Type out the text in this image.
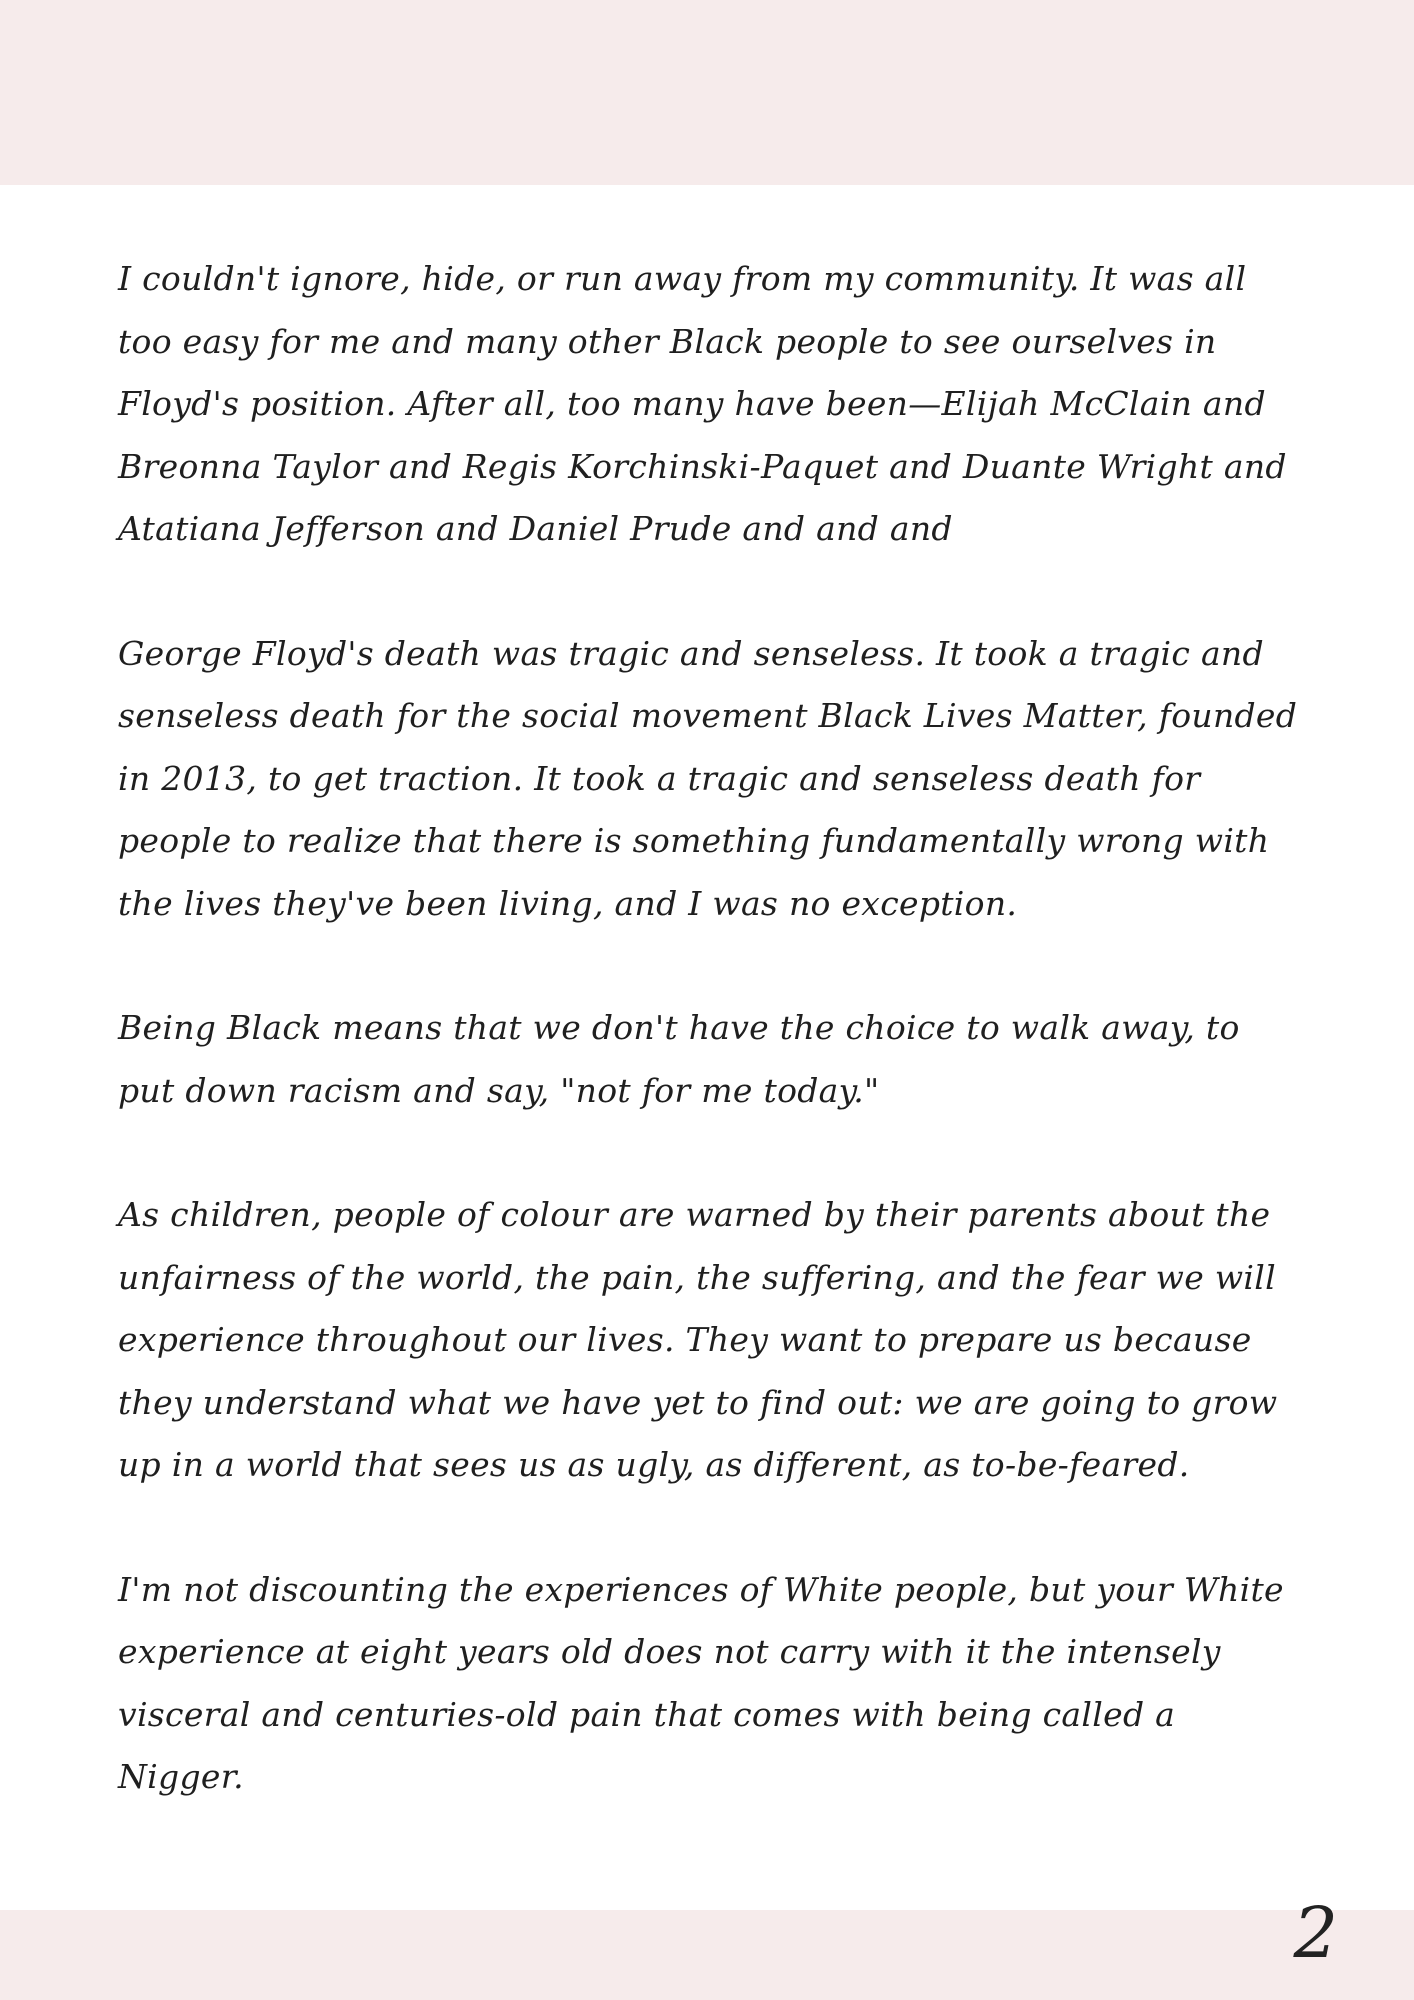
I couldn't ignore, hide, or run away from my community. It was all too easy for me and many other Black people to see ourselves in Floyd's position. After all, too many have been—Elijah McClain and Breonna Taylor and Regis Korchinski-Paquet and Duante Wright and Atatiana Jefferson and Daniel Prude and and and

George Floyd's death was tragic and senseless. It took a tragic and senseless death for the social movement Black Lives Matter, founded in 2013, to get traction. It took a tragic and senseless death for people to realize that there is something fundamentally wrong with the lives they've been living, and I was no exception.

Being Black means that we don't have the choice to walk away, to put down racism and say, "not for me today."

As children, people of colour are warned by their parents about the unfairness of the world, the pain, the suffering, and the fear we will experience throughout our lives. They want to prepare us because they understand what we have yet to find out: we are going to grow up in a world that sees us as ugly, as different, as to-be-feared.

I'm not discounting the experiences of White people, but your White experience at eight years old does not carry with it the intensely visceral and centuries-old pain that comes with being called a Nigger.

2
